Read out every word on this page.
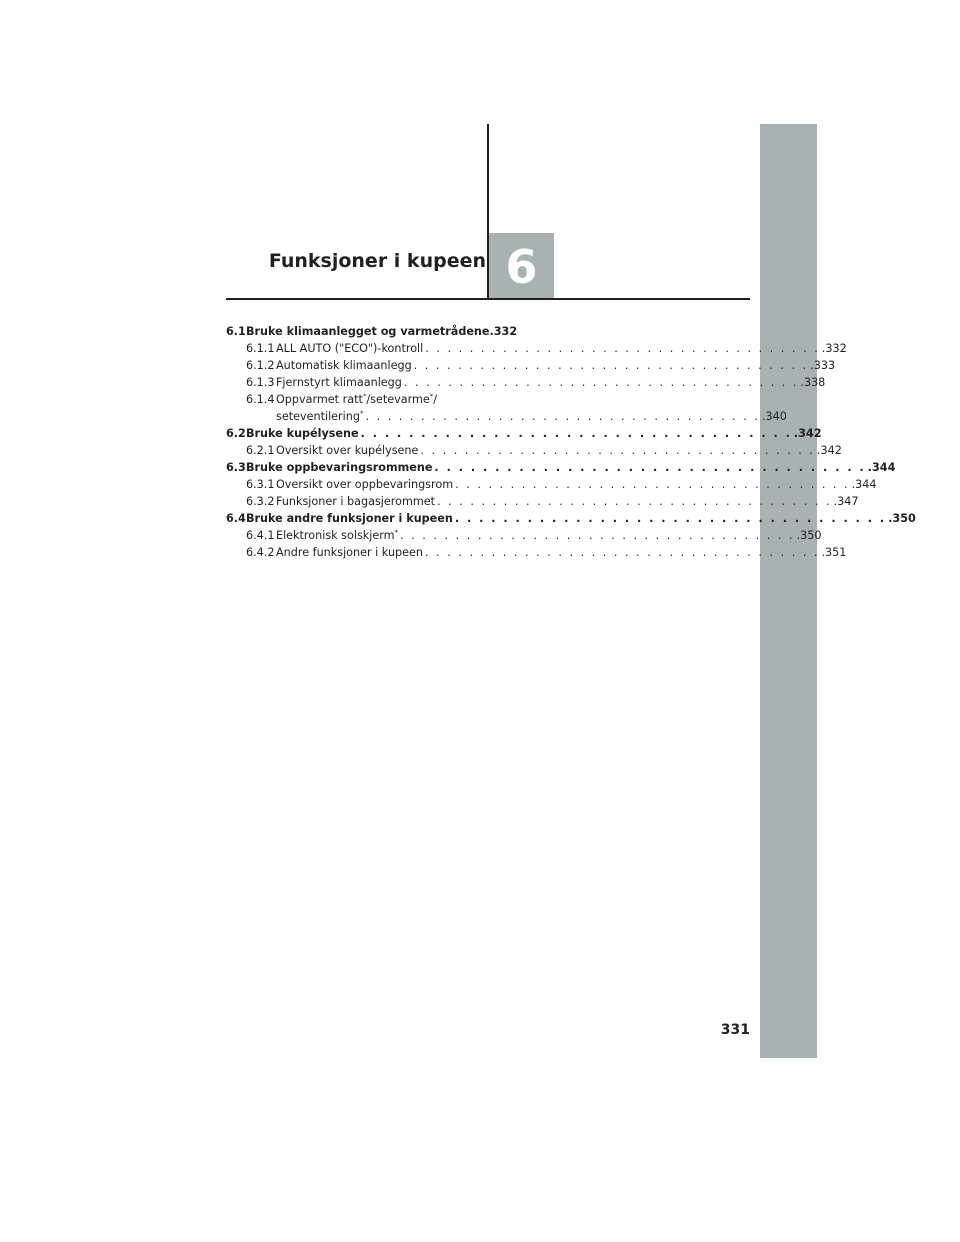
Funksjoner i kupeen 6
6.1 Bruke klimaanlegget og varmetrådene .332
6.1.1 ALL AUTO ("ECO")-kontroll . . .	.332
6.1.2 Automatisk klimaanlegg . . .	.333
6.1.3 Fjernstyrt klimaanlegg . . .	.338
6.1.4 Oppvarmet ratt*/setevarme*/
seteventilering* . . .	.340
6.2 Bruke kupélysene . . .	.342
6.2.1 Oversikt over kupélysene . . .	.342
6.3 Bruke oppbevaringsrommene . . .	.344
6.3.1 Oversikt over oppbevaringsrom . . .	.344
6.3.2 Funksjoner i bagasjerommet . . .	.347
6.4 Bruke andre funksjoner i kupeen . . .	.350
6.4.1 Elektronisk solskjerm* . . .	.350
6.4.2 Andre funksjoner i kupeen . . .	.351
331
